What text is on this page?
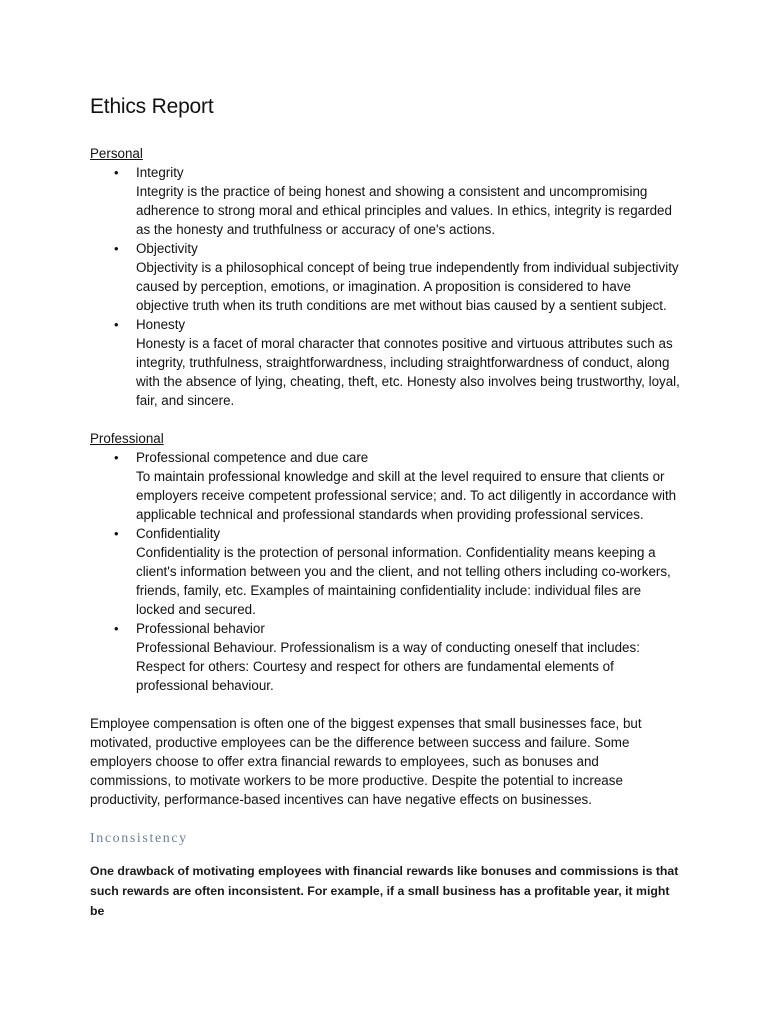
Ethics Report
Personal
• Integrity
Integrity is the practice of being honest and showing a consistent and uncompromising adherence to strong moral and ethical principles and values. In ethics, integrity is regarded as the honesty and truthfulness or accuracy of one's actions.
• Objectivity
Objectivity is a philosophical concept of being true independently from individual subjectivity caused by perception, emotions, or imagination. A proposition is considered to have objective truth when its truth conditions are met without bias caused by a sentient subject.
• Honesty
Honesty is a facet of moral character that connotes positive and virtuous attributes such as integrity, truthfulness, straightforwardness, including straightforwardness of conduct, along with the absence of lying, cheating, theft, etc. Honesty also involves being trustworthy, loyal, fair, and sincere.
Professional
• Professional competence and due care
To maintain professional knowledge and skill at the level required to ensure that clients or employers receive competent professional service; and. To act diligently in accordance with applicable technical and professional standards when providing professional services.
• Confidentiality
Confidentiality is the protection of personal information. Confidentiality means keeping a client's information between you and the client, and not telling others including co-workers, friends, family, etc. Examples of maintaining confidentiality include: individual files are locked and secured.
• Professional behavior
Professional Behaviour. Professionalism is a way of conducting oneself that includes: Respect for others: Courtesy and respect for others are fundamental elements of professional behaviour.

Employee compensation is often one of the biggest expenses that small businesses face, but motivated, productive employees can be the difference between success and failure. Some employers choose to offer extra financial rewards to employees, such as bonuses and commissions, to motivate workers to be more productive. Despite the potential to increase productivity, performance-based incentives can have negative effects on businesses.

Inconsistency

One drawback of motivating employees with financial rewards like bonuses and commissions is that such rewards are often inconsistent. For example, if a small business has a profitable year, it might be
